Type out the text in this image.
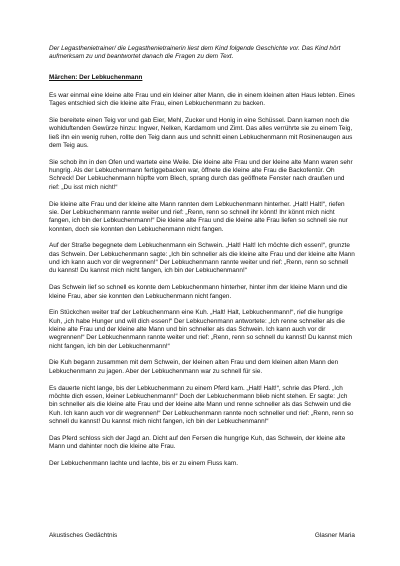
Der Legasthenietrainer/ die Legasthenietrainerin liest dem Kind folgende Geschichte vor. Das Kind hört aufmerksam zu und beantwortet danach die Fragen zu dem Text.

Märchen: Der Lebkuchenmann

Es war einmal eine kleine alte Frau und ein kleiner alter Mann, die in einem kleinen alten Haus lebten. Eines Tages entschied sich die kleine alte Frau, einen Lebkuchenmann zu backen.

Sie bereitete einen Teig vor und gab Eier, Mehl, Zucker und Honig in eine Schüssel. Dann kamen noch die wohlduftenden Gewürze hinzu: Ingwer, Nelken, Kardamom und Zimt. Das alles verrührte sie zu einem Teig, ließ ihn ein wenig ruhen, rollte den Teig dann aus und schnitt einen Lebkuchenmann mit Rosinenaugen aus dem Teig aus.

Sie schob ihn in den Ofen und wartete eine Weile. Die kleine alte Frau und der kleine alte Mann waren sehr hungrig. Als der Lebkuchenmann fertiggebacken war, öffnete die kleine alte Frau die Backofentür. Oh Schreck! Der Lebkuchenmann hüpfte vom Blech, sprang durch das geöffnete Fenster nach draußen und rief: „Du isst mich nicht!“

Die kleine alte Frau und der kleine alte Mann rannten dem Lebkuchenmann hinterher. „Halt! Halt!“, riefen sie. Der Lebkuchenmann rannte weiter und rief: „Renn, renn so schnell ihr könnt! Ihr könnt mich nicht fangen, ich bin der Lebkuchenmann!“ Die kleine alte Frau und die kleine alte Frau liefen so schnell sie nur konnten, doch sie konnten den Lebkuchenmann nicht fangen.

Auf der Straße begegnete dem Lebkuchenmann ein Schwein. „Halt! Halt! Ich möchte dich essen!“, grunzte das Schwein. Der Lebkuchenmann sagte: „Ich bin schneller als die kleine alte Frau und der kleine alte Mann und ich kann auch vor dir wegrennen!“ Der Lebkuchenmann rannte weiter und rief: „Renn, renn so schnell du kannst! Du kannst mich nicht fangen, ich bin der Lebkuchenmann!“

Das Schwein lief so schnell es konnte dem Lebkuchenmann hinterher, hinter ihm der kleine Mann und die kleine Frau, aber sie konnten den Lebkuchenmann nicht fangen.

Ein Stückchen weiter traf der Lebkuchenmann eine Kuh. „Halt! Halt, Lebkuchenmann!“, rief die hungrige Kuh, „ich habe Hunger und will dich essen!“ Der Lebkuchenmann antwortete: „Ich renne schneller als die kleine alte Frau und der kleine alte Mann und bin schneller als das Schwein. Ich kann auch vor dir wegrennen!“ Der Lebkuchenmann rannte weiter und rief: „Renn, renn so schnell du kannst! Du kannst mich nicht fangen, ich bin der Lebkuchenmann!“

Die Kuh begann zusammen mit dem Schwein, der kleinen alten Frau und dem kleinen alten Mann den Lebkuchenmann zu jagen. Aber der Lebkuchenmann war zu schnell für sie.

Es dauerte nicht lange, bis der Lebkuchenmann zu einem Pferd kam. „Halt! Halt!“, schrie das Pferd. „Ich möchte dich essen, kleiner Lebkuchenmann!“ Doch der Lebkuchenmann blieb nicht stehen. Er sagte: „Ich bin schneller als die kleine alte Frau und der kleine alte Mann und renne schneller als das Schwein und die Kuh. Ich kann auch vor dir wegrennen!“ Der Lebkuchenmann rannte noch schneller und rief: „Renn, renn so schnell du kannst! Du kannst mich nicht fangen, ich bin der Lebkuchenmann!“

Das Pferd schloss sich der Jagd an. Dicht auf den Fersen die hungrige Kuh, das Schwein, der kleine alte Mann und dahinter noch die kleine alte Frau.

Der Lebkuchenmann lachte und lachte, bis er zu einem Fluss kam.

Akustisches Gedächtnis	Glasner Maria
